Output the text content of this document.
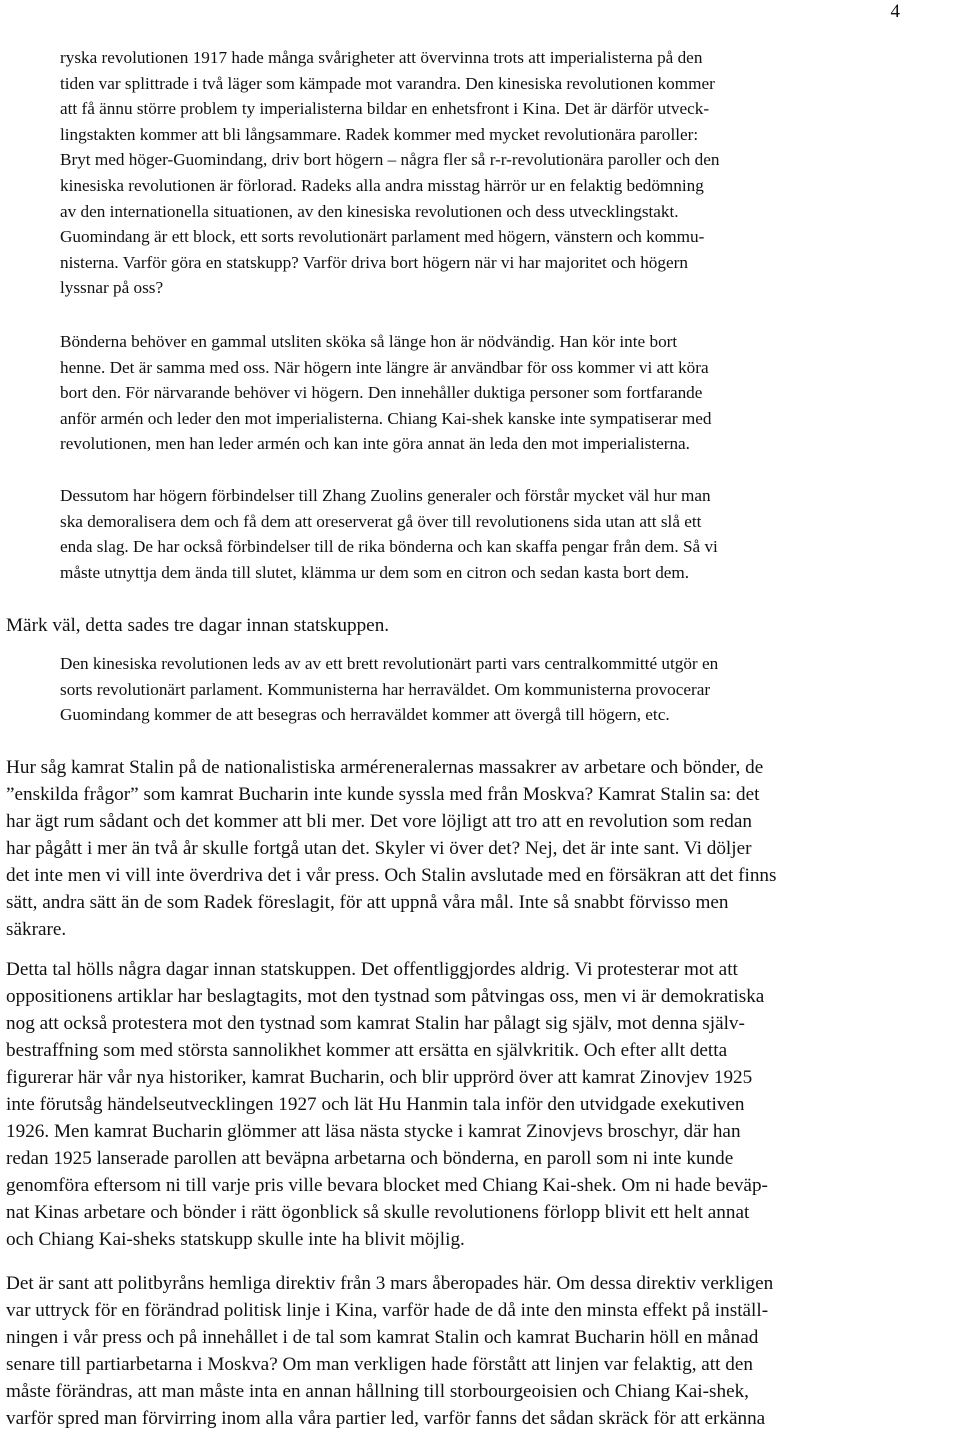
4
ryska revolutionen 1917 hade många svårigheter att övervinna trots att imperialisterna på den
tiden var splittrade i två läger som kämpade mot varandra. Den kinesiska revolutionen kommer
att få ännu större problem ty imperialisterna bildar en enhetsfront i Kina. Det är därför utveck-
lingstakten kommer att bli långsammare. Radek kommer med mycket revolutionära paroller:
Bryt med höger-Guomindang, driv bort högern – några fler så r-r-revolutionära paroller och den
kinesiska revolutionen är förlorad. Radeks alla andra misstag härrör ur en felaktig bedömning
av den internationella situationen, av den kinesiska revolutionen och dess utvecklingstakt.
Guomindang är ett block, ett sorts revolutionärt parlament med högern, vänstern och kommu-
nisterna. Varför göra en statskupp? Varför driva bort högern när vi har majoritet och högern
lyssnar på oss?
Bönderna behöver en gammal utsliten sköka så länge hon är nödvändig. Han kör inte bort
henne. Det är samma med oss. När högern inte längre är användbar för oss kommer vi att köra
bort den. För närvarande behöver vi högern. Den innehåller duktiga personer som fortfarande
anför armén och leder den mot imperialisterna. Chiang Kai-shek kanske inte sympatiserar med
revolutionen, men han leder armén och kan inte göra annat än leda den mot imperialisterna.
Dessutom har högern förbindelser till Zhang Zuolins generaler och förstår mycket väl hur man
ska demoralisera dem och få dem att oreserverat gå över till revolutionens sida utan att slå ett
enda slag. De har också förbindelser till de rika bönderna och kan skaffa pengar från dem. Så vi
måste utnyttja dem ända till slutet, klämma ur dem som en citron och sedan kasta bort dem.
Märk väl, detta sades tre dagar innan statskuppen.
Den kinesiska revolutionen leds av av ett brett revolutionärt parti vars centralkommitté utgör en
sorts revolutionärt parlament. Kommunisterna har herraväldet. Om kommunisterna provocerar
Guomindang kommer de att besegras och herraväldet kommer att övergå till högern, etc.
Hur såg kamrat Stalin på de nationalistiska arméгeneralernas massakrer av arbetare och bönder, de
”enskilda frågor” som kamrat Bucharin inte kunde syssla med från Moskva? Kamrat Stalin sa: det
har ägt rum sådant och det kommer att bli mer. Det vore löjligt att tro att en revolution som redan
har pågått i mer än två år skulle fortgå utan det. Skyler vi över det? Nej, det är inte sant. Vi döljer
det inte men vi vill inte överdriva det i vår press. Och Stalin avslutade med en försäkran att det finns
sätt, andra sätt än de som Radek föreslagit, för att uppnå våra mål. Inte så snabbt förvisso men
säkrare.
Detta tal hölls några dagar innan statskuppen. Det offentliggjordes aldrig. Vi protesterar mot att
oppositionens artiklar har beslagtagits, mot den tystnad som påtvingas oss, men vi är demokratiska
nog att också protestera mot den tystnad som kamrat Stalin har pålagt sig själv, mot denna själv-
bestraffning som med största sannolikhet kommer att ersätta en självkritik. Och efter allt detta
figurerar här vår nya historiker, kamrat Bucharin, och blir upprörd över att kamrat Zinovjev 1925
inte förutsåg händelseutvecklingen 1927 och lät Hu Hanmin tala inför den utvidgade exekutiven
1926. Men kamrat Bucharin glömmer att läsa nästa stycke i kamrat Zinovjevs broschyr, där han
redan 1925 lanserade parollen att beväpna arbetarna och bönderna, en paroll som ni inte kunde
genomföra eftersom ni till varje pris ville bevara blocket med Chiang Kai-shek. Om ni hade beväp-
nat Kinas arbetare och bönder i rätt ögonblick så skulle revolutionens förlopp blivit ett helt annat
och Chiang Kai-sheks statskupp skulle inte ha blivit möjlig.
Det är sant att politbyråns hemliga direktiv från 3 mars åberopades här. Om dessa direktiv verkligen
var uttryck för en förändrad politisk linje i Kina, varför hade de då inte den minsta effekt på inställ-
ningen i vår press och på innehållet i de tal som kamrat Stalin och kamrat Bucharin höll en månad
senare till partiarbetarna i Moskva? Om man verkligen hade förstått att linjen var felaktig, att den
måste förändras, att man måste inta en annan hållning till storbourgeoisien och Chiang Kai-shek,
varför spred man förvirring inom alla våra partier led, varför fanns det sådan skräck för att erkänna
